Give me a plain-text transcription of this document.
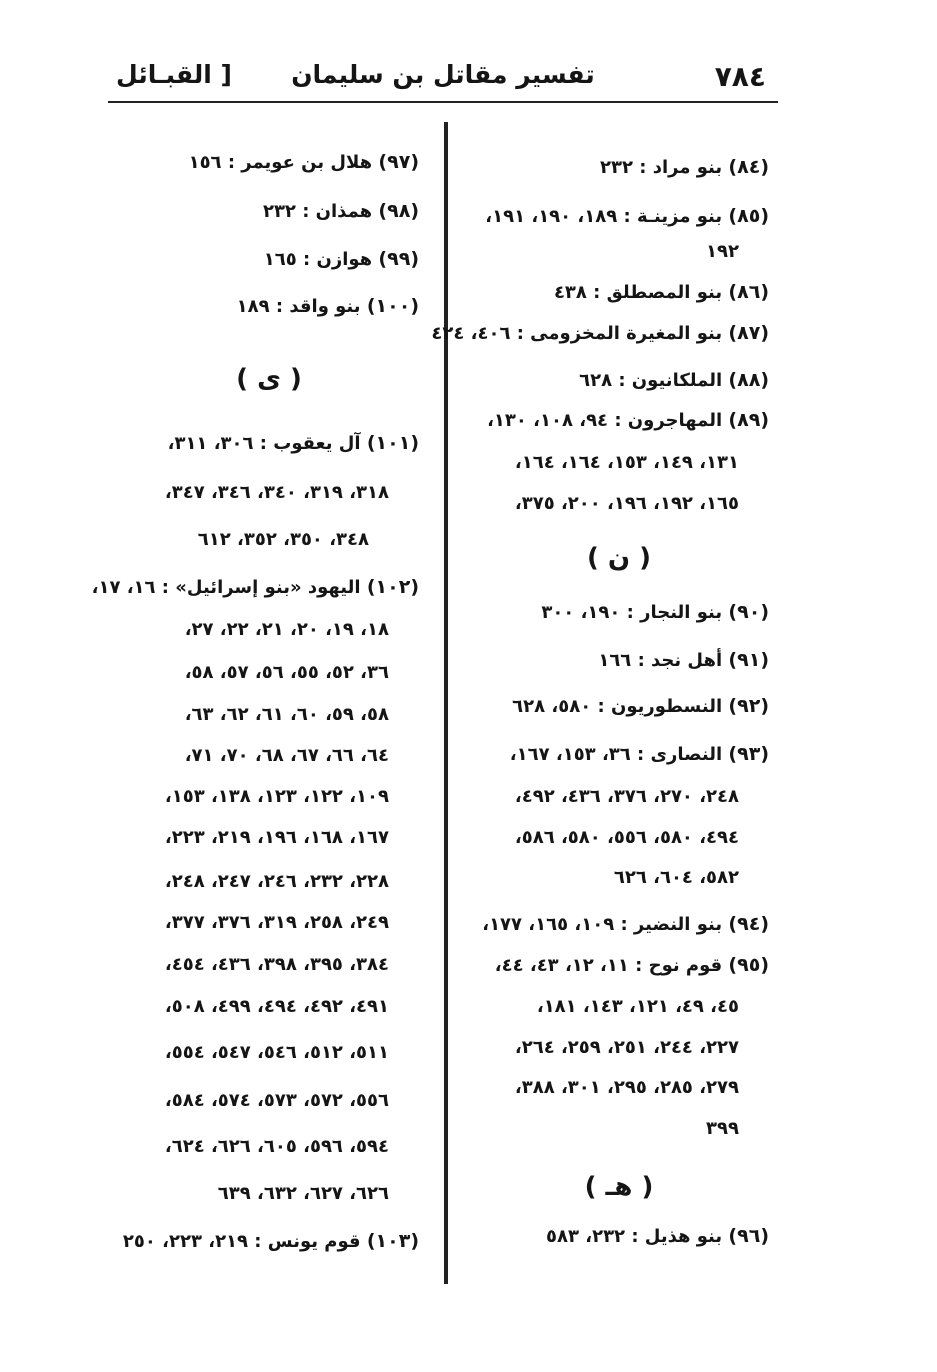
٧٨٤
تفسير مقاتل بن سليمان
[ القبـائل
(٨٤) بنو مراد : ٢٣٢
(٨٥) بنو مزينـة : ١٨٩، ١٩٠، ١٩١،
١٩٢
(٨٦) بنو المصطلق : ٤٣٨
(٨٧) بنو المغيرة المخزومى : ٤٠٦، ٤٢٤
(٨٨) الملكانيون : ٦٢٨
(٨٩) المهاجرون : ٩٤، ١٠٨، ١٣٠،
١٣١، ١٤٩، ١٥٣، ١٦٤، ١٦٤،
١٦٥، ١٩٢، ١٩٦، ٢٠٠، ٣٧٥،
( ن )
(٩٠) بنو النجار : ١٩٠، ٣٠٠
(٩١) أهل نجد : ١٦٦
(٩٢) النسطوريون : ٥٨٠، ٦٢٨
(٩٣) النصارى : ٣٦، ١٥٣، ١٦٧،
٢٤٨، ٢٧٠، ٣٧٦، ٤٣٦، ٤٩٢،
٤٩٤، ٥٨٠، ٥٥٦، ٥٨٠، ٥٨٦،
٥٨٢، ٦٠٤، ٦٢٦
(٩٤) بنو النضير : ١٠٩، ١٦٥، ١٧٧،
(٩٥) قوم نوح : ١١، ١٢، ٤٣، ٤٤،
٤٥، ٤٩، ١٢١، ١٤٣، ١٨١،
٢٢٧، ٢٤٤، ٢٥١، ٢٥٩، ٢٦٤،
٢٧٩، ٢٨٥، ٢٩٥، ٣٠١، ٣٨٨،
٣٩٩
( هـ )
(٩٦) بنو هذيل : ٢٣٢، ٥٨٣
(٩٧) هلال بن عويمر : ١٥٦
(٩٨) همذان : ٢٣٢
(٩٩) هوازن : ١٦٥
(١٠٠) بنو واقد : ١٨٩
( ى )
(١٠١) آل يعقوب : ٣٠٦، ٣١١،
٣١٨، ٣١٩، ٣٤٠، ٣٤٦، ٣٤٧،
٣٤٨، ٣٥٠، ٣٥٢، ٦١٢
(١٠٢) اليهود «بنو إسرائيل» : ١٦، ١٧،
١٨، ١٩، ٢٠، ٢١، ٢٢، ٢٧،
٣٦، ٥٢، ٥٥، ٥٦، ٥٧، ٥٨،
٥٨، ٥٩، ٦٠، ٦١، ٦٢، ٦٣،
٦٤، ٦٦، ٦٧، ٦٨، ٧٠، ٧١،
١٠٩، ١٢٢، ١٢٣، ١٣٨، ١٥٣،
١٦٧، ١٦٨، ١٩٦، ٢١٩، ٢٢٣،
٢٢٨، ٢٣٢، ٢٤٦، ٢٤٧، ٢٤٨،
٢٤٩، ٢٥٨، ٣١٩، ٣٧٦، ٣٧٧،
٣٨٤، ٣٩٥، ٣٩٨، ٤٣٦، ٤٥٤،
٤٩١، ٤٩٢، ٤٩٤، ٤٩٩، ٥٠٨،
٥١١، ٥١٢، ٥٤٦، ٥٤٧، ٥٥٤،
٥٥٦، ٥٧٢، ٥٧٣، ٥٧٤، ٥٨٤،
٥٩٤، ٥٩٦، ٦٠٥، ٦٢٦، ٦٢٤،
٦٢٦، ٦٢٧، ٦٣٢، ٦٣٩
(١٠٣) قوم يونس : ٢١٩، ٢٢٣، ٢٥٠
